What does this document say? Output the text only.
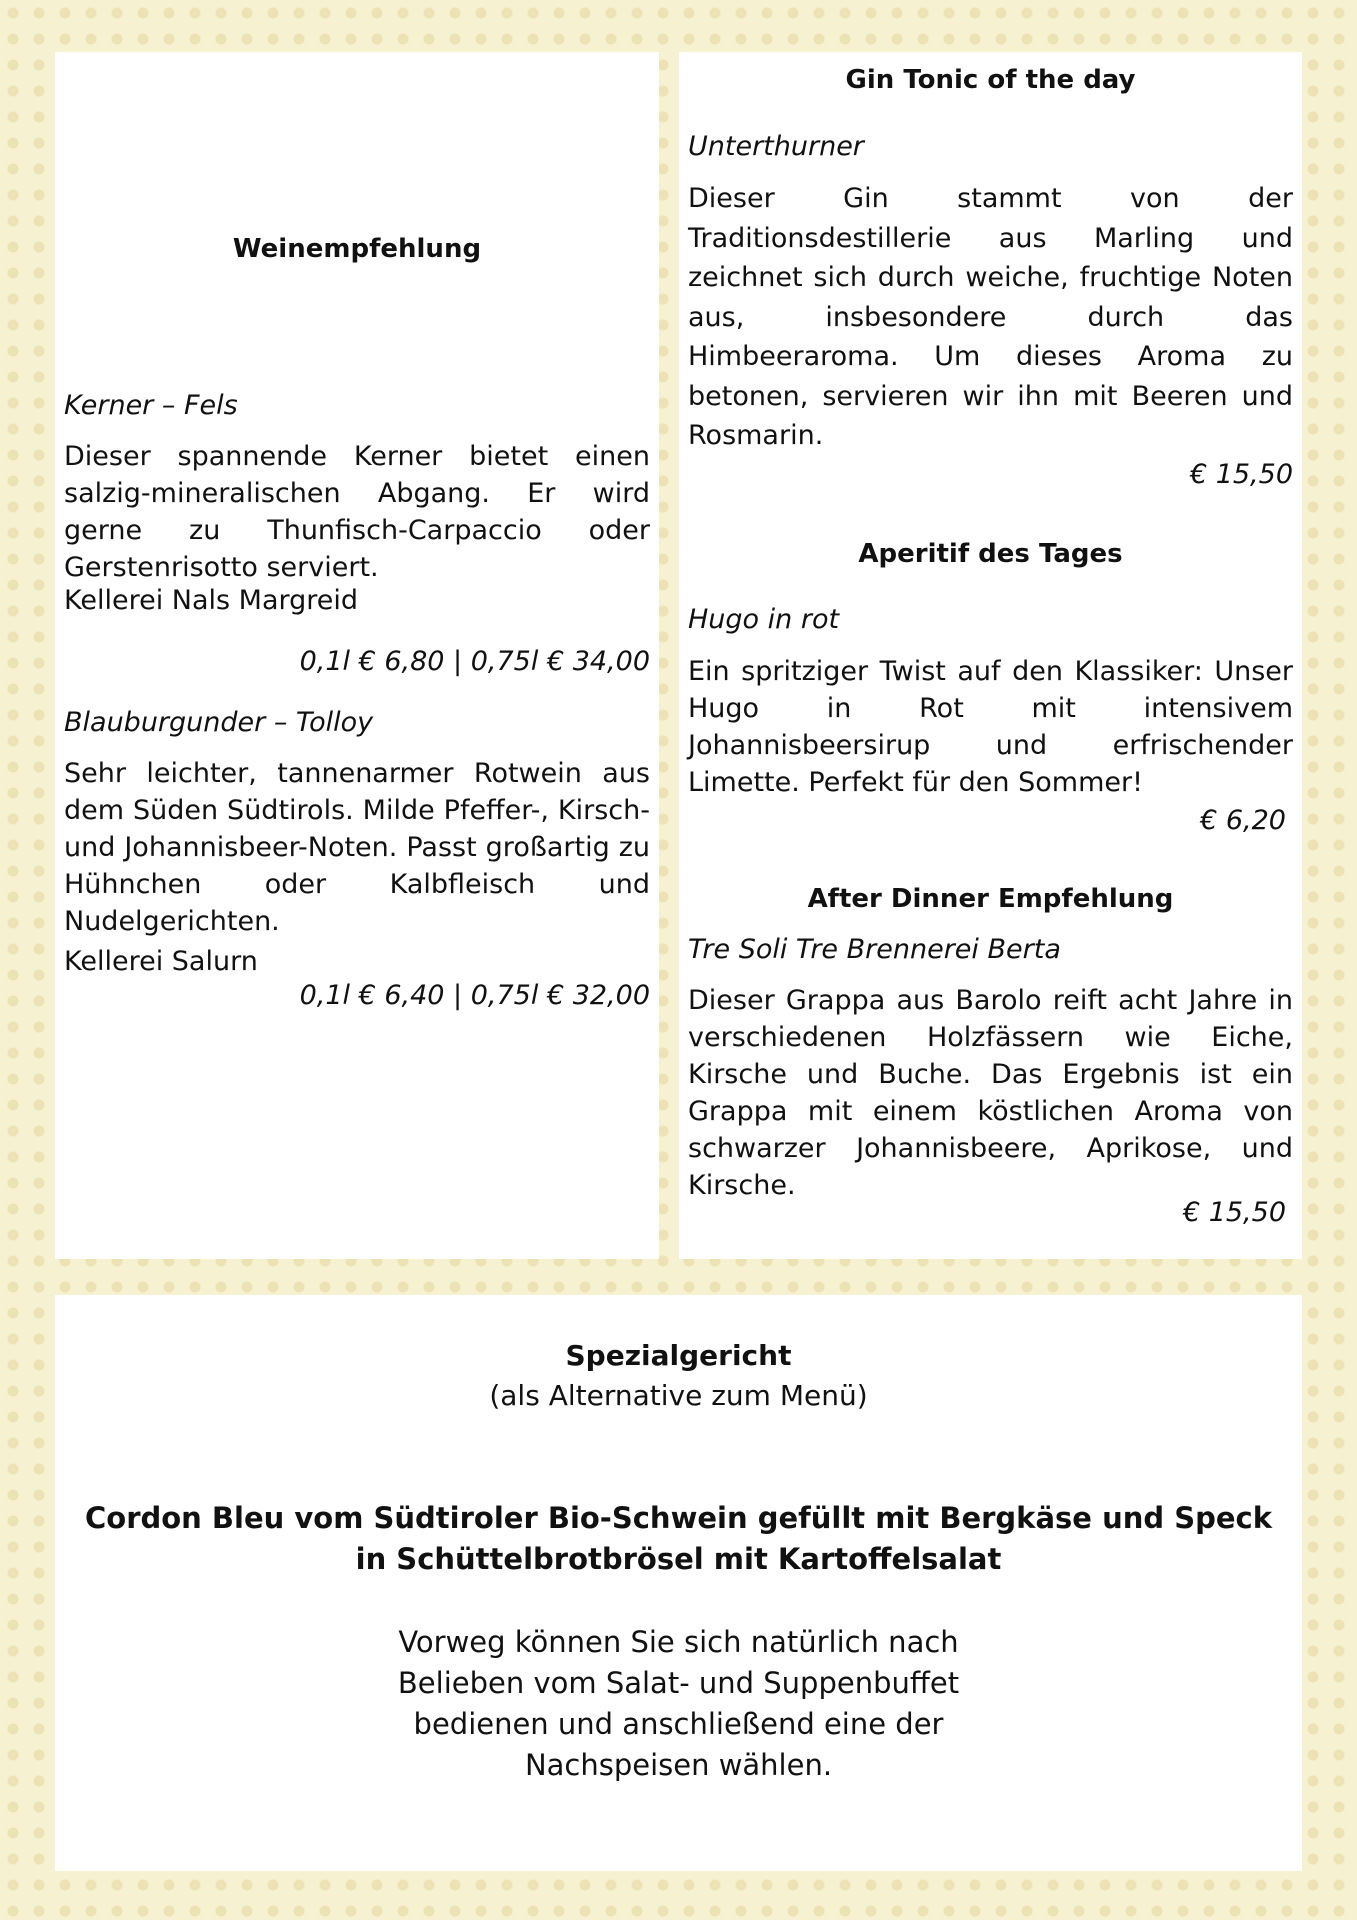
Weinempfehlung
Kerner – Fels
Dieser spannende Kerner bietet einen salzig-mineralischen Abgang. Er wird gerne zu Thunfisch-Carpaccio oder Gerstenrisotto serviert.
Kellerei Nals Margreid
0,1l € 6,80 | 0,75l € 34,00
Blauburgunder – Tolloy
Sehr leichter, tannenarmer Rotwein aus dem Süden Südtirols. Milde Pfeffer-, Kirsch- und Johannisbeer-Noten. Passt großartig zu Hühnchen oder Kalbfleisch und Nudelgerichten.
Kellerei Salurn
0,1l € 6,40 | 0,75l € 32,00
Gin Tonic of the day
Unterthurner
Dieser Gin stammt von der Traditionsdestillerie aus Marling und zeichnet sich durch weiche, fruchtige Noten aus, insbesondere durch das Himbeeraroma. Um dieses Aroma zu betonen, servieren wir ihn mit Beeren und Rosmarin.
€ 15,50
Aperitif des Tages
Hugo in rot
Ein spritziger Twist auf den Klassiker: Unser Hugo in Rot mit intensivem Johannisbeersirup und erfrischender Limette. Perfekt für den Sommer!
€ 6,20
After Dinner Empfehlung
Tre Soli Tre Brennerei Berta
Dieser Grappa aus Barolo reift acht Jahre in verschiedenen Holzfässern wie Eiche, Kirsche und Buche. Das Ergebnis ist ein Grappa mit einem köstlichen Aroma von schwarzer Johannisbeere, Aprikose, und Kirsche.
€ 15,50
Spezialgericht
(als Alternative zum Menü)
Cordon Bleu vom Südtiroler Bio-Schwein gefüllt mit Bergkäse und Speck in Schüttelbrotbrösel mit Kartoffelsalat
Vorweg können Sie sich natürlich nach Belieben vom Salat- und Suppenbuffet bedienen und anschließend eine der Nachspeisen wählen.
